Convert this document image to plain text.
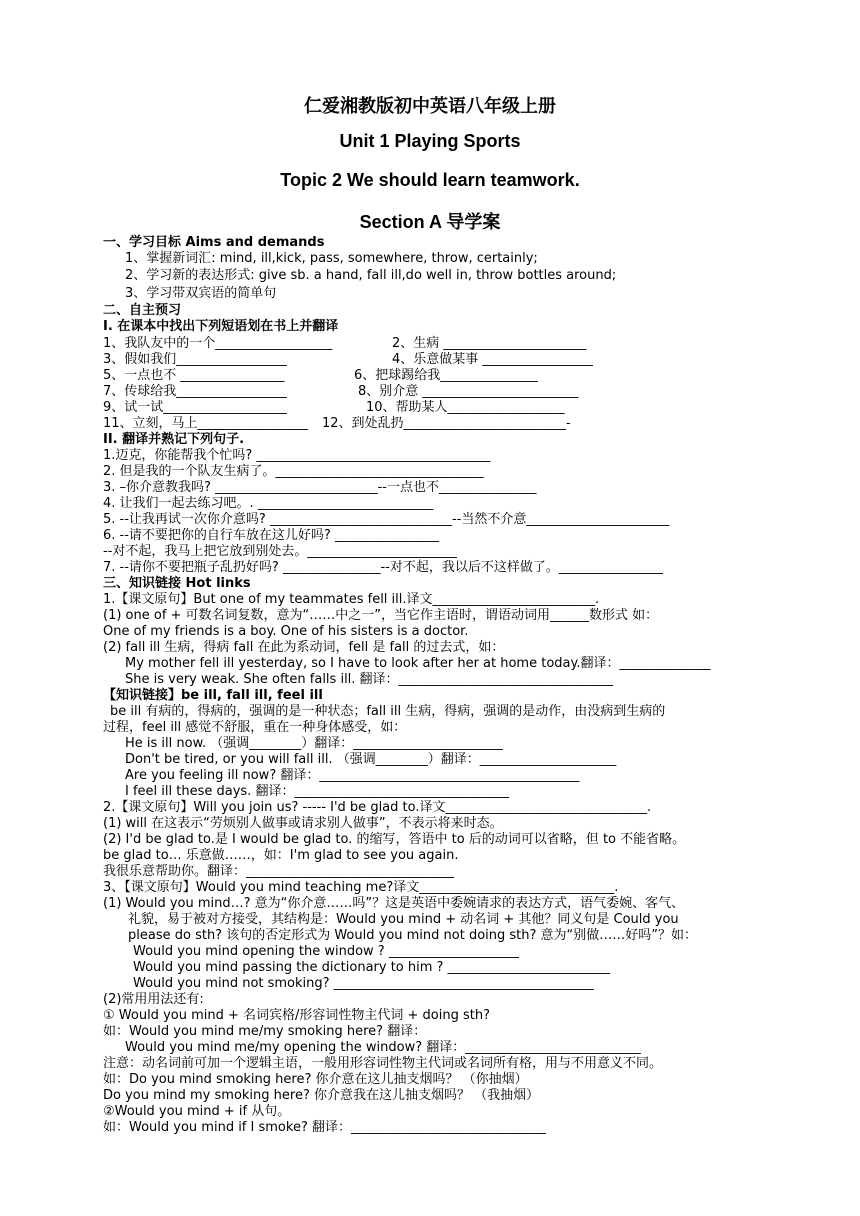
仁爱湘教版初中英语八年级上册
Unit 1 Playing Sports
Topic 2 We should learn teamwork.
Section A 导学案
一、学习目标 Aims and demands
1、掌握新词汇: mind, ill,kick, pass, somewhere, throw, certainly;
2、学习新的表达形式: give sb. a hand, fall ill,do well in, throw bottles around;
3、学习带双宾语的简单句
二、自主预习
I. 在课本中找出下列短语划在书上并翻译
1、我队友中的一个__________________	2、生病 ______________________
3、假如我们_________________	4、乐意做某事 _________________
5、一点也不 ________________	6、把球踢给我_______________
7、传球给我_________________	8、别介意 ________________________
9、试一试___________________	10、帮助某人__________________
11、立刻，马上_________________ 12、到处乱扔_________________________-
II. 翻译并熟记下列句子.
1.迈克，你能帮我个忙吗? ____________________________________
2. 但是我的一个队友生病了。________________________________
3. –你介意教我吗? _________________________--一点也不_______________
4. 让我们一起去练习吧。. ___________________________
5. --让我再试一次你介意吗? ____________________________--当然不介意______________________
6. --请不要把你的自行车放在这儿好吗? ________________
--对不起，我马上把它放到别处去。_______________________
7. --请你不要把瓶子乱扔好吗? _______________--对不起，我以后不这样做了。________________
三、知识链接 Hot links
1.【课文原句】But one of my teammates fell ill.译文_________________________.
(1) one of + 可数名词复数，意为“……中之一”，当它作主语时，谓语动词用______数形式 如：
One of my friends is a boy. One of his sisters is a doctor.
(2) fall ill 生病，得病 fall 在此为系动词，fell 是 fall 的过去式，如：
My mother fell ill yesterday, so I have to look after her at home today.翻译：______________
She is very weak. She often falls ill. 翻译：_________________________________
【知识链接】be ill, fall ill, feel ill
be ill 有病的，得病的，强调的是一种状态；fall ill 生病，得病，强调的是动作，由没病到生病的
过程，feel ill 感觉不舒服，重在一种身体感受，如：
He is ill now. （强调________）翻译：_______________________
Don't be tired, or you will fall ill. （强调________）翻译：_____________________
Are you feeling ill now? 翻译：________________________________________
I feel ill these days. 翻译：_________________________________
2.【课文原句】Will you join us? ----- I'd be glad to.译文_______________________________.
(1) will 在这表示“劳烦别人做事或请求别人做事”，不表示将来时态。
(2) I'd be glad to.是 I would be glad to. 的缩写，答语中 to 后的动词可以省略，但 to 不能省略。
be glad to… 乐意做……，如：I'm glad to see you again.
我很乐意帮助你。翻译：________________________________
3、【课文原句】Would you mind teaching me?译文______________________________.
(1) Would you mind…? 意为“你介意……吗”？这是英语中委婉请求的表达方式，语气委婉、客气、
礼貌，易于被对方接受，其结构是：Would you mind + 动名词 + 其他？同义句是 Could you
please do sth? 该句的否定形式为 Would you mind not doing sth? 意为“别做……好吗”？如：
Would you mind opening the window ? ____________________
Would you mind passing the dictionary to him ? _________________________
Would you mind not smoking? ________________________________________
(2)常用用法还有:
① Would you mind + 名词宾格/形容词性物主代词 + doing sth?
如：Would you mind me/my smoking here? 翻译：
Would you mind me/my opening the window? 翻译：___________________________
注意：动名词前可加一个逻辑主语，一般用形容词性物主代词或名词所有格，用与不用意义不同。
如：Do you mind smoking here? 你介意在这儿抽支烟吗？ （你抽烟）
Do you mind my smoking here? 你介意我在这儿抽支烟吗？ （我抽烟）
②Would you mind + if 从句。
如：Would you mind if I smoke? 翻译：______________________________
